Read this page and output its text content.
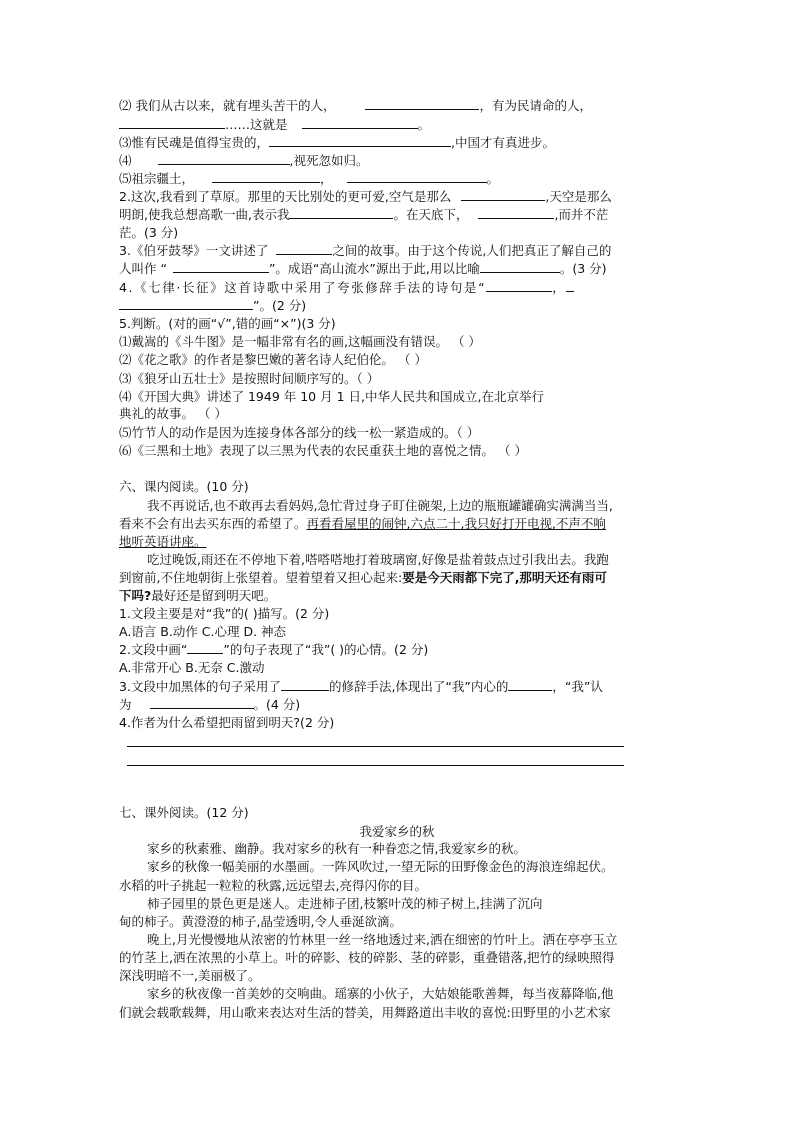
⑵ 我们从古以来，就有埋头苦干的人，	，有为民请命的人，
……这就是	。
⑶惟有民魂是值得宝贵的，	,中国才有真进步。
⑷	,视死忽如归。
⑸祖宗疆土，	，	。
2.这次,我看到了草原。那里的天比别处的更可爱,空气是那么	,天空是那么
明朗,使我总想高歌一曲,表示我	。在天底下，	,而并不茫
茫。(3 分)
3.《伯牙鼓琴》一文讲述了	之间的故事。由于这个传说,人们把真正了解自己的
人叫作 “	”。成语“高山流水”源出于此,用以比喻	。(3 分)
4.《七律·长征》这首诗歌中采用了夸张修辞手法的诗句是“	，
”。(2 分)
5.判断。(对的画“√”,错的画“×”)(3 分)
⑴戴嵩的《斗牛图》是一幅非常有名的画,这幅画没有错误。 （ ）
⑵《花之歌》的作者是黎巴嫩的著名诗人纪伯伦。 （ ）
⑶《狼牙山五壮士》是按照时间顺序写的。（ ）
⑷《开国大典》讲述了 1949 年 10 月 1 日,中华人民共和国成立,在北京举行
典礼的故事。 （ ）
⑸竹节人的动作是因为连接身体各部分的线一松一紧造成的。（ ）
⑹《三黑和土地》表现了以三黑为代表的农民重获土地的喜悦之情。 （ ）
六、课内阅读。(10 分)
我不再说话,也不敢再去看妈妈,急忙背过身子盯住碗架,上边的瓶瓶罐罐确实满满当当,
看来不会有出去买东西的希望了。再看看屋里的闹钟,六点二十,我只好打开电视,不声不响
地听英语讲座。
吃过晚饭,雨还在不停地下着,嗒嗒嗒地打着玻璃窗,好像是盐着鼓点过引我出去。我跑
到窗前,不住地朝街上张望着。望着望着又担心起来:要是今天雨都下完了,那明天还有雨可
下吗?最好还是留到明天吧。
1.文段主要是对“我”的( )描写。(2 分)
A.语言 B.动作 C.心理 D. 神态
2.文段中画“	”的句子表现了“我”( )的心情。(2 分)
A.非常开心 B.无奈 C.激动
3.文段中加黑体的句子采用了	的修辞手法,体现出了“我”内心的	，“我”认
为	。(4 分)
4.作者为什么希望把雨留到明天?(2 分)
七、课外阅读。(12 分)
我爱家乡的秋
家乡的秋素雅、幽静。我对家乡的秋有一种眷恋之情,我爱家乡的秋。
家乡的秋像一幅美丽的水墨画。一阵风吹过,一望无际的田野像金色的海浪连绵起伏。
水稻的叶子挑起一粒粒的秋露,远远望去,亮得闪你的目。
柿子园里的景色更是迷人。走进柿子团,枝繁叶茂的柿子树上,挂满了沉向
甸的柿子。黄澄澄的柿子,晶莹透明,令人垂涎欲滴。
晚上,月光慢慢地从浓密的竹林里一丝一络地透过来,洒在细密的竹叶上。洒在亭亭玉立
的竹茎上,洒在浓黑的小草上。叶的碎影、枝的碎影、茎的碎影，重叠错落,把竹的绿映照得
深浅明暗不一,美丽极了。
家乡的秋夜像一首美妙的交响曲。瑶寨的小伙子，大姑娘能歌善舞，每当夜幕降临,他
们就会载歌载舞，用山歌来表达对生活的替美，用舞路道出丰收的喜悦:田野里的小艺术家
